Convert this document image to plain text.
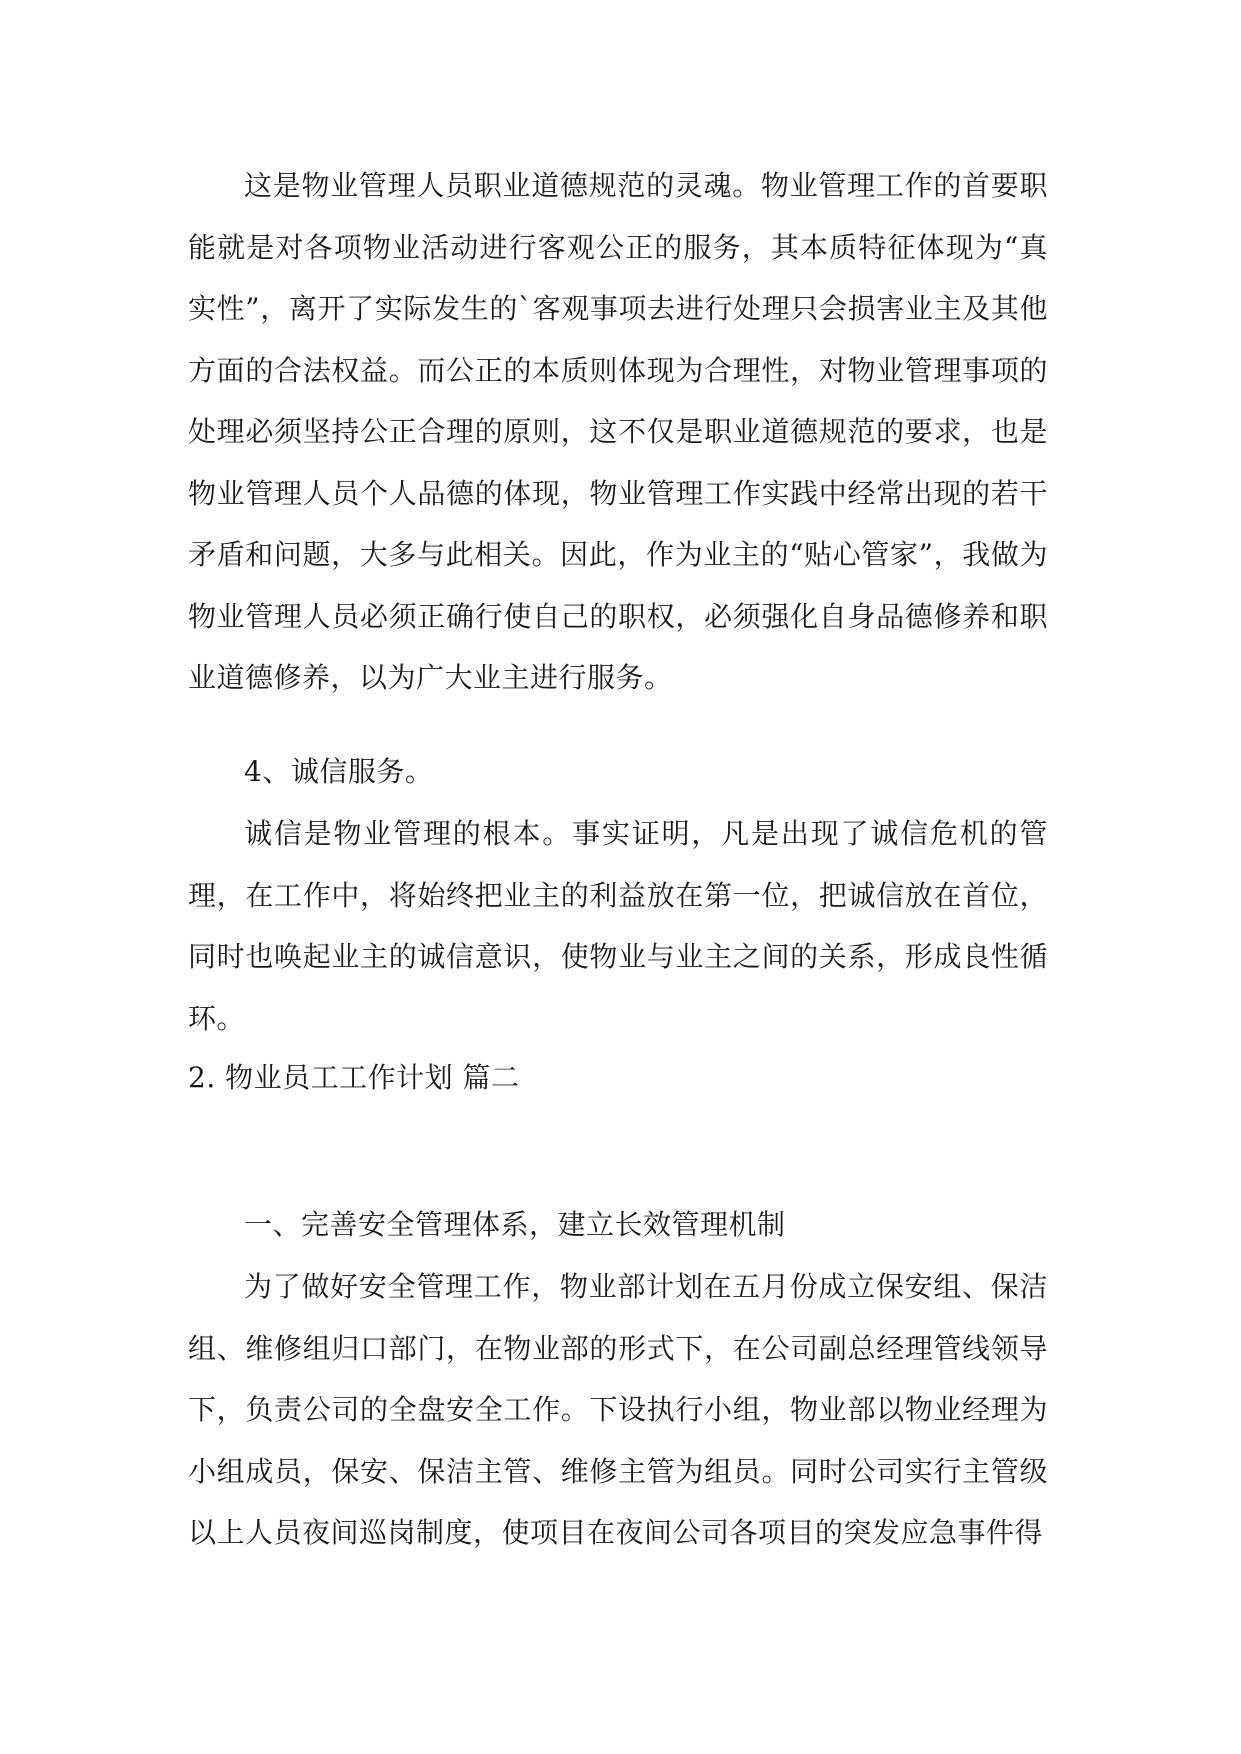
这是物业管理人员职业道德规范的灵魂。物业管理工作的首要职能就是对各项物业活动进行客观公正的服务，其本质特征体现为“真实性”，离开了实际发生的`客观事项去进行处理只会损害业主及其他方面的合法权益。而公正的本质则体现为合理性，对物业管理事项的处理必须坚持公正合理的原则，这不仅是职业道德规范的要求，也是物业管理人员个人品德的体现，物业管理工作实践中经常出现的若干矛盾和问题，大多与此相关。因此，作为业主的“贴心管家”，我做为物业管理人员必须正确行使自己的职权，必须强化自身品德修养和职业道德修养，以为广大业主进行服务。

4、诚信服务。

诚信是物业管理的根本。事实证明，凡是出现了诚信危机的管理，在工作中，将始终把业主的利益放在第一位，把诚信放在首位，同时也唤起业主的诚信意识，使物业与业主之间的关系，形成良性循环。

2. 物业员工工作计划 篇二

一、完善安全管理体系，建立长效管理机制

为了做好安全管理工作，物业部计划在五月份成立保安组、保洁组、维修组归口部门，在物业部的形式下，在公司副总经理管线领导下，负责公司的全盘安全工作。下设执行小组，物业部以物业经理为小组成员，保安、保洁主管、维修主管为组员。同时公司实行主管级以上人员夜间巡岗制度，使项目在夜间公司各项目的突发应急事件得
